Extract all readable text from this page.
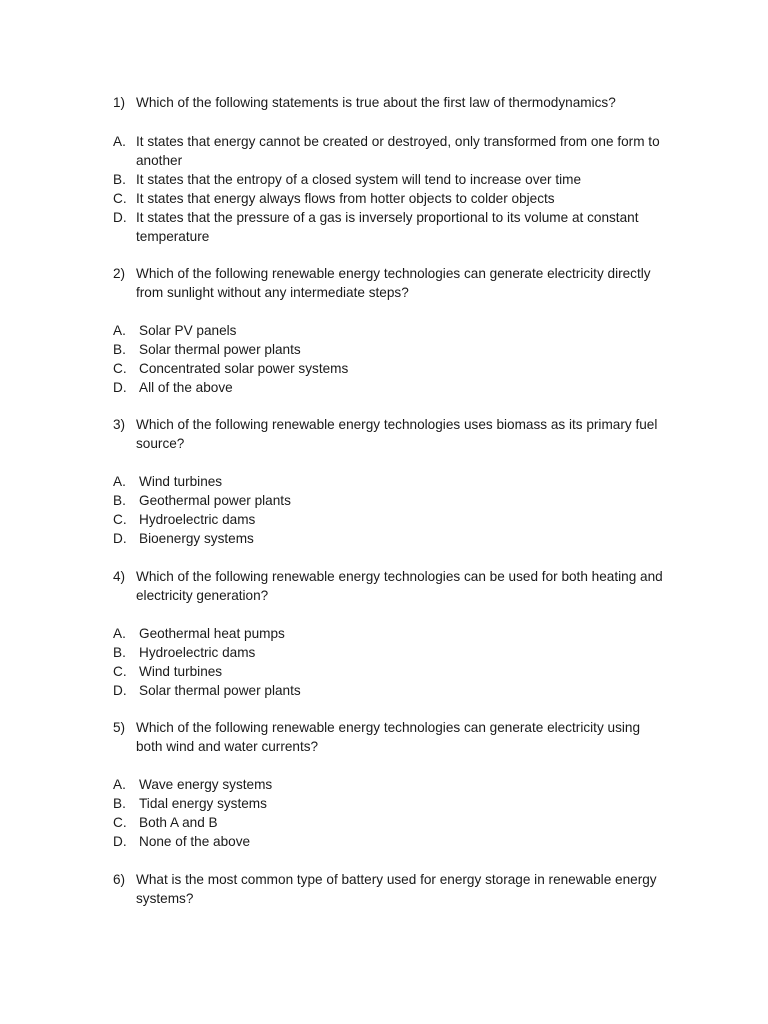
1) Which of the following statements is true about the first law of thermodynamics?
A. It states that energy cannot be created or destroyed, only transformed from one form to
another
B. It states that the entropy of a closed system will tend to increase over time
C. It states that energy always flows from hotter objects to colder objects
D. It states that the pressure of a gas is inversely proportional to its volume at constant
temperature
2) Which of the following renewable energy technologies can generate electricity directly
from sunlight without any intermediate steps?
A. Solar PV panels
B. Solar thermal power plants
C. Concentrated solar power systems
D. All of the above
3) Which of the following renewable energy technologies uses biomass as its primary fuel
source?
A. Wind turbines
B. Geothermal power plants
C. Hydroelectric dams
D. Bioenergy systems
4) Which of the following renewable energy technologies can be used for both heating and
electricity generation?
A. Geothermal heat pumps
B. Hydroelectric dams
C. Wind turbines
D. Solar thermal power plants
5) Which of the following renewable energy technologies can generate electricity using
both wind and water currents?
A. Wave energy systems
B. Tidal energy systems
C. Both A and B
D. None of the above
6) What is the most common type of battery used for energy storage in renewable energy
systems?
